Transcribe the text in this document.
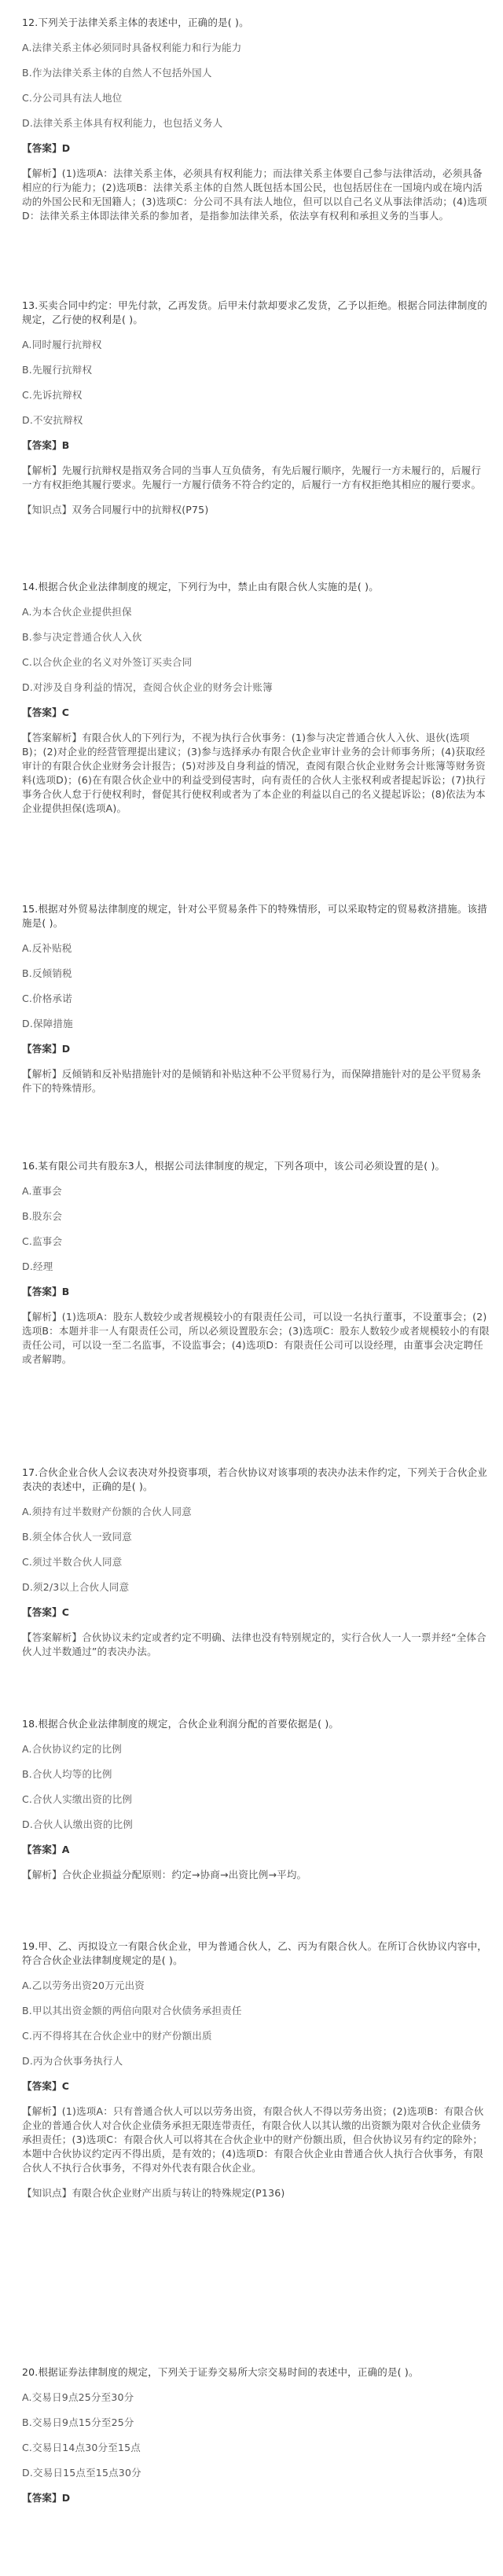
12.下列关于法律关系主体的表述中，正确的是( )。

A.法律关系主体必须同时具备权利能力和行为能力

B.作为法律关系主体的自然人不包括外国人

C.分公司具有法人地位

D.法律关系主体具有权利能力，也包括义务人

【答案】D

【解析】(1)选项A：法律关系主体，必须具有权利能力；而法律关系主体要自己参与法律活动，必须具备相应的行为能力；(2)选项B：法律关系主体的自然人既包括本国公民，也包括居住在一国境内或在境内活动的外国公民和无国籍人；(3)选项C：分公司不具有法人地位，但可以以自己名义从事法律活动；(4)选项D：法律关系主体即法律关系的参加者，是指参加法律关系，依法享有权利和承担义务的当事人。

13.买卖合同中约定：甲先付款，乙再发货。后甲未付款却要求乙发货，乙予以拒绝。根据合同法律制度的规定，乙行使的权利是( )。

A.同时履行抗辩权

B.先履行抗辩权

C.先诉抗辩权

D.不安抗辩权

【答案】B

【解析】先履行抗辩权是指双务合同的当事人互负债务，有先后履行顺序，先履行一方未履行的，后履行一方有权拒绝其履行要求。先履行一方履行债务不符合约定的，后履行一方有权拒绝其相应的履行要求。

【知识点】双务合同履行中的抗辩权(P75)

14.根据合伙企业法律制度的规定，下列行为中，禁止由有限合伙人实施的是( )。

A.为本合伙企业提供担保

B.参与决定普通合伙人入伙

C.以合伙企业的名义对外签订买卖合同

D.对涉及自身利益的情况，查阅合伙企业的财务会计账簿

【答案】C

【答案解析】有限合伙人的下列行为，不视为执行合伙事务：(1)参与决定普通合伙人入伙、退伙(选项B)；(2)对企业的经营管理提出建议；(3)参与选择承办有限合伙企业审计业务的会计师事务所；(4)获取经审计的有限合伙企业财务会计报告；(5)对涉及自身利益的情况，查阅有限合伙企业财务会计账簿等财务资料(选项D)；(6)在有限合伙企业中的利益受到侵害时，向有责任的合伙人主张权利或者提起诉讼；(7)执行事务合伙人怠于行使权利时，督促其行使权利或者为了本企业的利益以自己的名义提起诉讼；(8)依法为本企业提供担保(选项A)。

15.根据对外贸易法律制度的规定，针对公平贸易条件下的特殊情形，可以采取特定的贸易救济措施。该措施是( )。

A.反补贴税

B.反倾销税

C.价格承诺

D.保障措施

【答案】D

【解析】反倾销和反补贴措施针对的是倾销和补贴这种不公平贸易行为，而保障措施针对的是公平贸易条件下的特殊情形。

16.某有限公司共有股东3人，根据公司法律制度的规定，下列各项中，该公司必须设置的是( )。

A.董事会

B.股东会

C.监事会

D.经理

【答案】B

【解析】(1)选项A：股东人数较少或者规模较小的有限责任公司，可以设一名执行董事，不设董事会；(2)选项B：本题并非一人有限责任公司，所以必须设置股东会；(3)选项C：股东人数较少或者规模较小的有限责任公司，可以设一至二名监事，不设监事会；(4)选项D：有限责任公司可以设经理，由董事会决定聘任或者解聘。

17.合伙企业合伙人会议表决对外投资事项，若合伙协议对该事项的表决办法未作约定，下列关于合伙企业表决的表述中，正确的是( )。

A.须持有过半数财产份额的合伙人同意

B.须全体合伙人一致同意

C.须过半数合伙人同意

D.须2/3以上合伙人同意

【答案】C

【答案解析】合伙协议未约定或者约定不明确、法律也没有特别规定的，实行合伙人一人一票并经“全体合伙人过半数通过”的表决办法。

18.根据合伙企业法律制度的规定，合伙企业利润分配的首要依据是( )。

A.合伙协议约定的比例

B.合伙人均等的比例

C.合伙人实缴出资的比例

D.合伙人认缴出资的比例

【答案】A

【解析】合伙企业损益分配原则：约定→协商→出资比例→平均。

19.甲、乙、丙拟设立一有限合伙企业，甲为普通合伙人，乙、丙为有限合伙人。在所订合伙协议内容中，符合合伙企业法律制度规定的是( )。

A.乙以劳务出资20万元出资

B.甲以其出资金额的两倍向限对合伙债务承担责任

C.丙不得将其在合伙企业中的财产份额出质

D.丙为合伙事务执行人

【答案】C

【解析】(1)选项A：只有普通合伙人可以以劳务出资，有限合伙人不得以劳务出资；(2)选项B：有限合伙企业的普通合伙人对合伙企业债务承担无限连带责任，有限合伙人以其认缴的出资额为限对合伙企业债务承担责任；(3)选项C：有限合伙人可以将其在合伙企业中的财产份额出质，但合伙协议另有约定的除外；本题中合伙协议约定丙不得出质，是有效的；(4)选项D：有限合伙企业由普通合伙人执行合伙事务，有限合伙人不执行合伙事务，不得对外代表有限合伙企业。

【知识点】有限合伙企业财产出质与转让的特殊规定(P136)

20.根据证券法律制度的规定，下列关于证券交易所大宗交易时间的表述中，正确的是( )。

A.交易日9点25分至30分

B.交易日9点15分至25分

C.交易日14点30分至15点

D.交易日15点至15点30分

【答案】D
